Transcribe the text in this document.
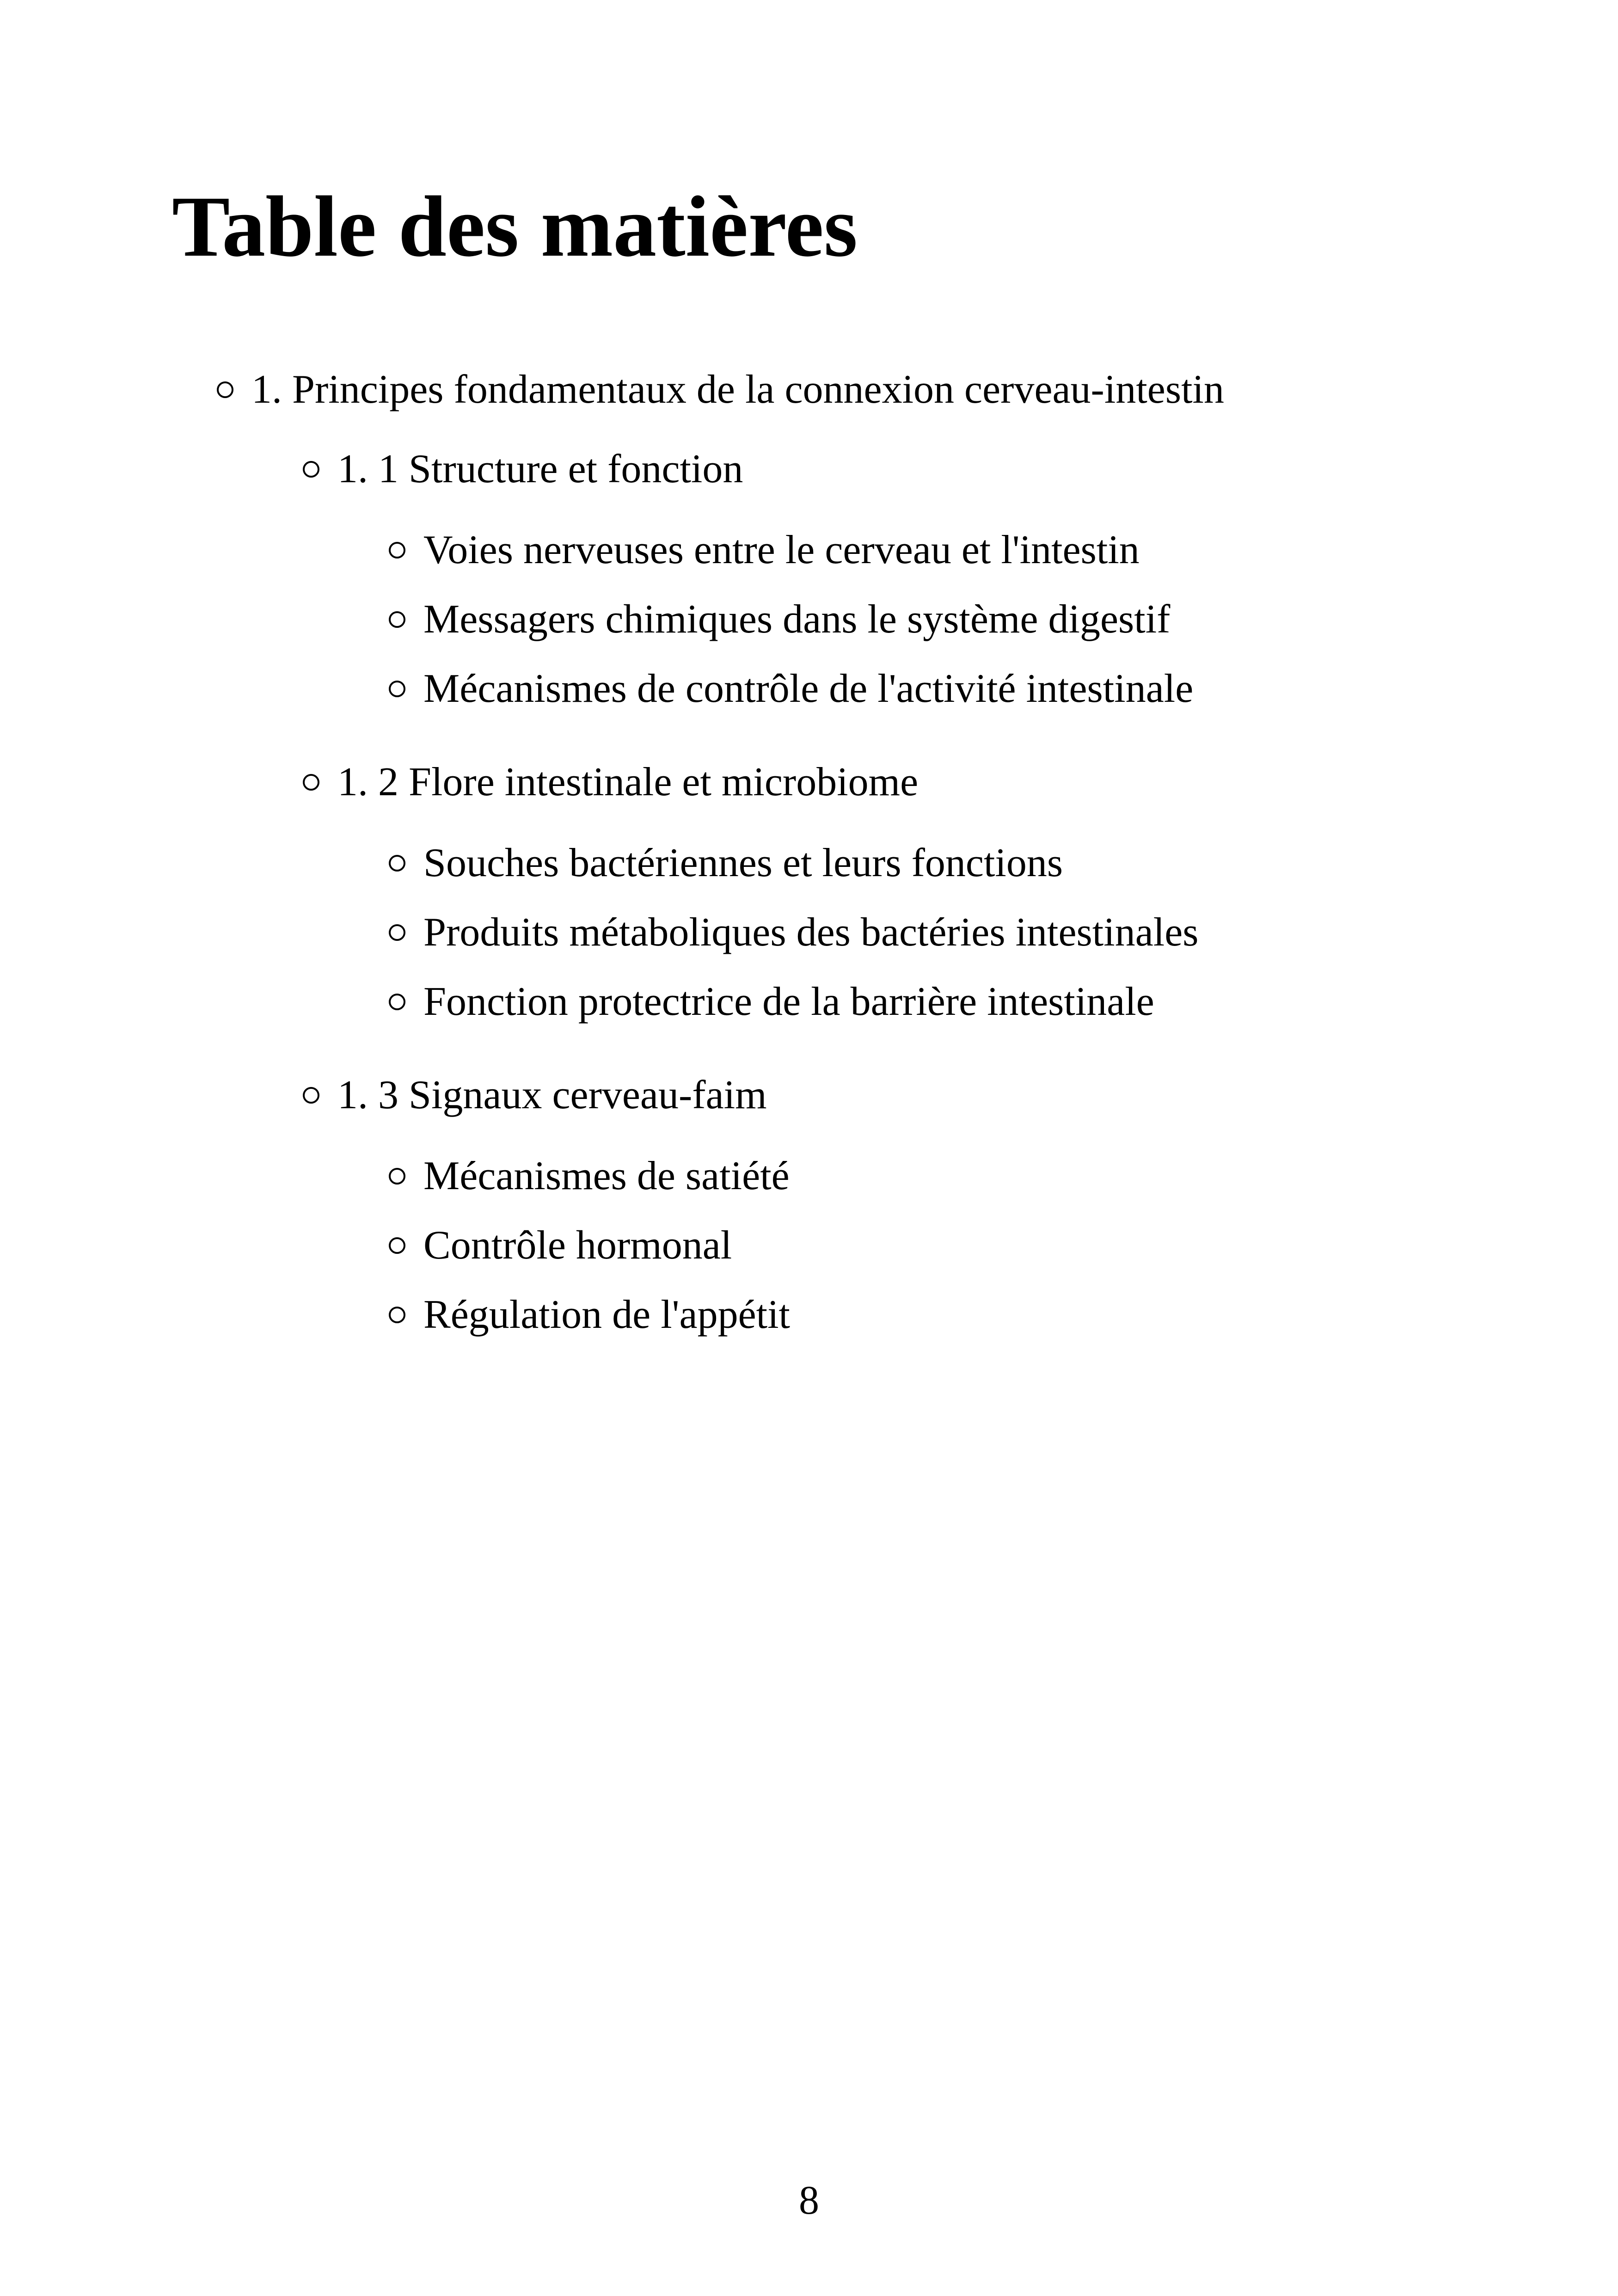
Table des matières
1. Principes fondamentaux de la connexion cerveau-intestin
1. 1 Structure et fonction
Voies nerveuses entre le cerveau et l'intestin
Messagers chimiques dans le système digestif
Mécanismes de contrôle de l'activité intestinale
1. 2 Flore intestinale et microbiome
Souches bactériennes et leurs fonctions
Produits métaboliques des bactéries intestinales
Fonction protectrice de la barrière intestinale
1. 3 Signaux cerveau-faim
Mécanismes de satiété
Contrôle hormonal
Régulation de l'appétit
8
